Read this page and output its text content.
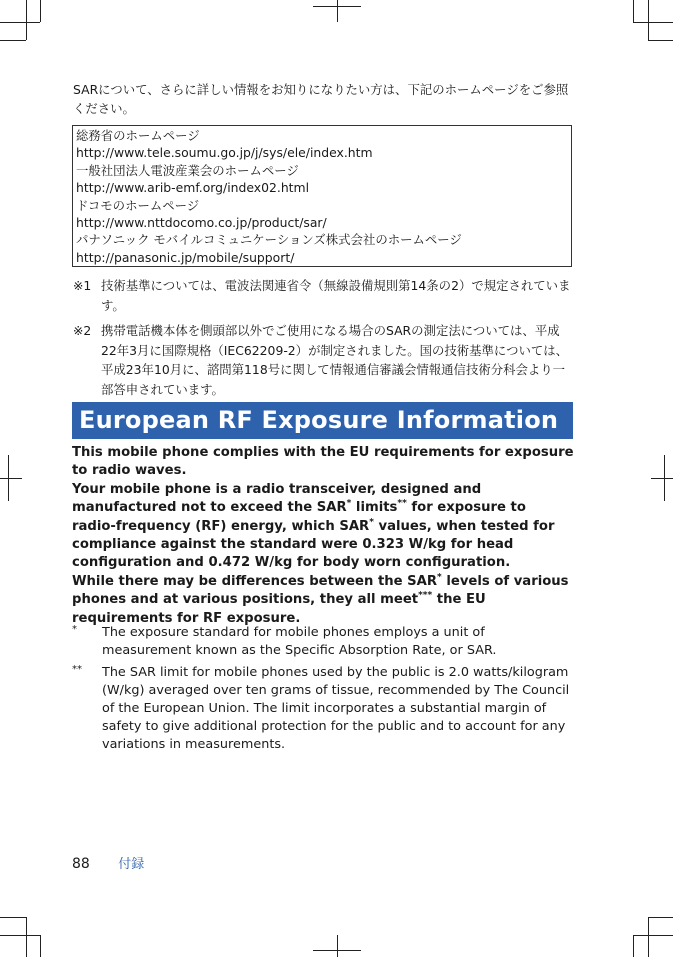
SARについて、さらに詳しい情報をお知りになりたい方は、下記のホームページをご参照ください。

総務省のホームページ
http://www.tele.soumu.go.jp/j/sys/ele/index.htm
一般社団法人電波産業会のホームページ
http://www.arib-emf.org/index02.html
ドコモのホームページ
http://www.nttdocomo.co.jp/product/sar/
パナソニック モバイルコミュニケーションズ株式会社のホームページ
http://panasonic.jp/mobile/support/
※1 技術基準については、電波法関連省令（無線設備規則第14条の2）で規定されています。
※2 携帯電話機本体を側頭部以外でご使用になる場合のSARの測定法については、平成22年3月に国際規格（IEC62209-2）が制定されました。国の技術基準については、平成23年10月に、諮問第118号に関して情報通信審議会情報通信技術分科会より一部答申されています。
European RF Exposure Information
This mobile phone complies with the EU requirements for exposure to radio waves.
Your mobile phone is a radio transceiver, designed and manufactured not to exceed the SAR* limits** for exposure to radio-frequency (RF) energy, which SAR* values, when tested for compliance against the standard were 0.323 W/kg for head configuration and 0.472 W/kg for body worn configuration.
While there may be differences between the SAR* levels of various phones and at various positions, they all meet*** the EU requirements for RF exposure.
* The exposure standard for mobile phones employs a unit of measurement known as the Specific Absorption Rate, or SAR.
** The SAR limit for mobile phones used by the public is 2.0 watts/kilogram (W/kg) averaged over ten grams of tissue, recommended by The Council of the European Union. The limit incorporates a substantial margin of safety to give additional protection for the public and to account for any variations in measurements.
88 付録
